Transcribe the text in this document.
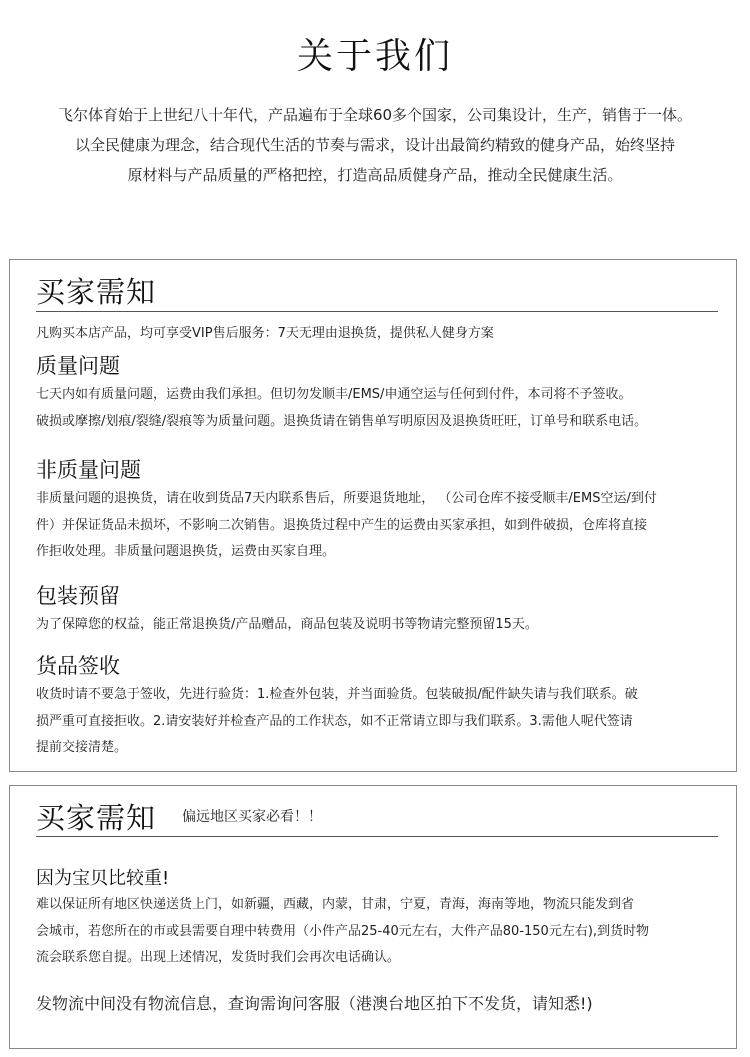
关于我们
飞尔体育始于上世纪八十年代，产品遍布于全球60多个国家，公司集设计，生产，销售于一体。
以全民健康为理念，结合现代生活的节奏与需求，设计出最简约精致的健身产品，始终坚持
原材料与产品质量的严格把控，打造高品质健身产品，推动全民健康生活。
买家需知
凡购买本店产品，均可享受VIP售后服务：7天无理由退换货，提供私人健身方案
质量问题
七天内如有质量问题，运费由我们承担。但切勿发顺丰/EMS/申通空运与任何到付件，本司将不予签收。
破损或摩擦/划痕/裂缝/裂痕等为质量问题。退换货请在销售单写明原因及退换货旺旺，订单号和联系电话。
非质量问题
非质量问题的退换货，请在收到货品7天内联系售后，所要退货地址， （公司仓库不接受顺丰/EMS空运/到付
件）并保证货品未损坏，不影响二次销售。退换货过程中产生的运费由买家承担，如到件破损，仓库将直接
作拒收处理。非质量问题退换货，运费由买家自理。
包装预留
为了保障您的权益，能正常退换货/产品赠品，商品包装及说明书等物请完整预留15天。
货品签收
收货时请不要急于签收，先进行验货：1.检查外包装，并当面验货。包装破损/配件缺失请与我们联系。破
损严重可直接拒收。2.请安装好并检查产品的工作状态，如不正常请立即与我们联系。3.需他人呢代签请
提前交接清楚。
买家需知 偏远地区买家必看！！
因为宝贝比较重!
难以保证所有地区快递送货上门，如新疆，西藏，内蒙，甘肃，宁夏，青海，海南等地，物流只能发到省
会城市，若您所在的市或县需要自理中转费用（小件产品25-40元左右，大件产品80-150元左右),到货时物
流会联系您自提。出现上述情况，发货时我们会再次电话确认。
发物流中间没有物流信息，查询需询问客服（港澳台地区拍下不发货，请知悉!)
